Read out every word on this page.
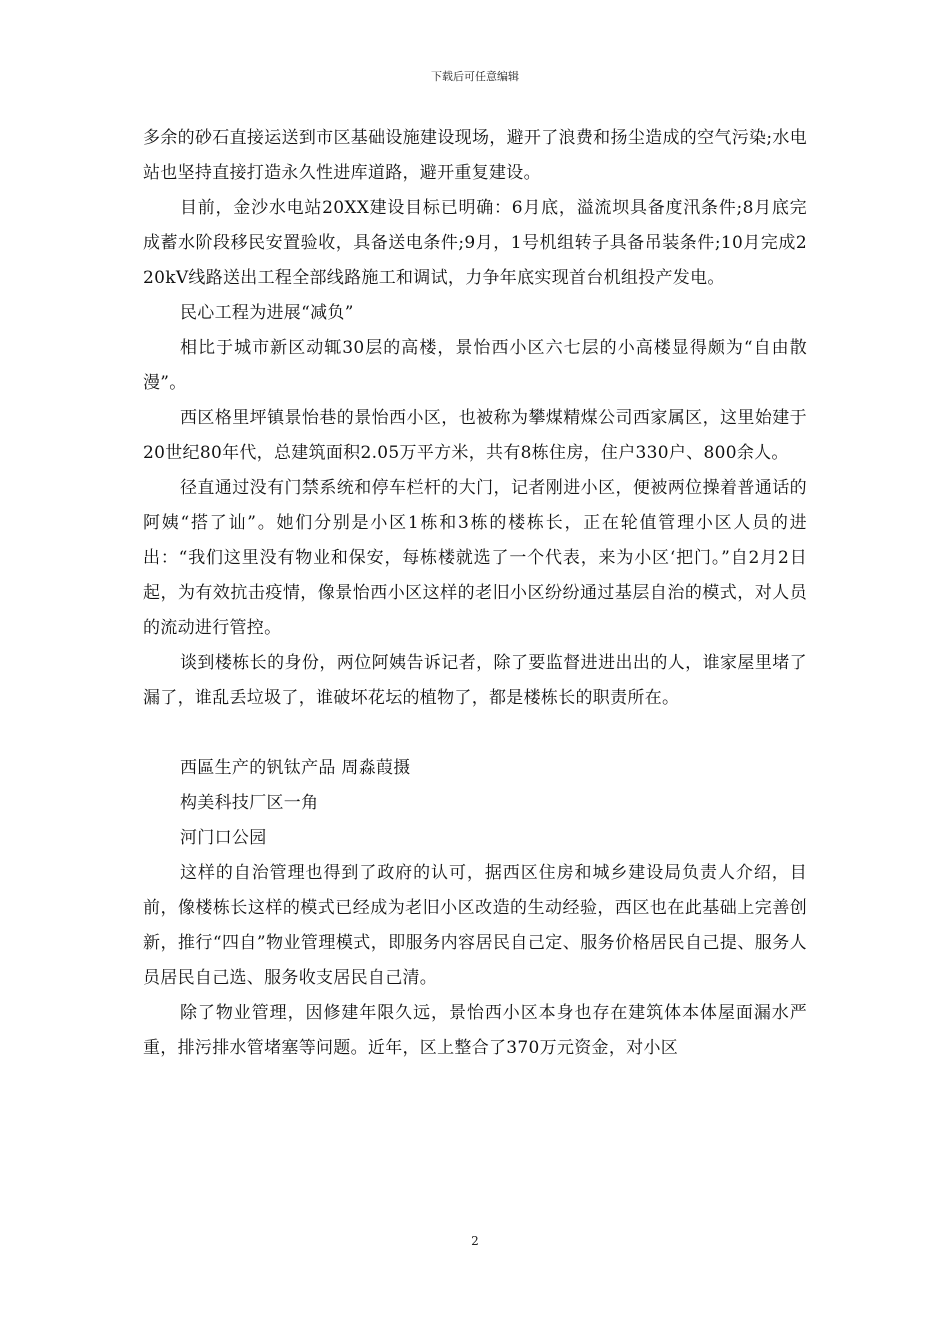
下载后可任意编辑

多余的砂石直接运送到市区基础设施建设现场，避开了浪费和扬尘造成的空气污染;水电站也坚持直接打造永久性进库道路，避开重复建设。

目前，金沙水电站20XX建设目标已明确：6月底，溢流坝具备度汛条件;8月底完成蓄水阶段移民安置验收，具备送电条件;9月，1号机组转子具备吊装条件;10月完成220kV线路送出工程全部线路施工和调试，力争年底实现首台机组投产发电。

民心工程为进展“减负”

相比于城市新区动辄30层的高楼，景怡西小区六七层的小高楼显得颇为“自由散漫”。

西区格里坪镇景怡巷的景怡西小区，也被称为攀煤精煤公司西家属区，这里始建于20世纪80年代，总建筑面积2.05万平方米，共有8栋住房，住户330户、800余人。

径直通过没有门禁系统和停车栏杆的大门，记者刚进小区，便被两位操着普通话的阿姨“搭了讪”。她们分别是小区1栋和3栋的楼栋长，正在轮值管理小区人员的进出：“我们这里没有物业和保安，每栋楼就选了一个代表，来为小区‘把门。”自2月2日起，为有效抗击疫情，像景怡西小区这样的老旧小区纷纷通过基层自治的模式，对人员的流动进行管控。

谈到楼栋长的身份，两位阿姨告诉记者，除了要监督进进出出的人，谁家屋里堵了漏了，谁乱丢垃圾了，谁破坏花坛的植物了，都是楼栋长的职责所在。

西區生产的钒钛产品 周淼葭摄

构美科技厂区一角

河门口公园

这样的自治管理也得到了政府的认可，据西区住房和城乡建设局负责人介绍，目前，像楼栋长这样的模式已经成为老旧小区改造的生动经验，西区也在此基础上完善创新，推行“四自”物业管理模式，即服务内容居民自己定、服务价格居民自己提、服务人员居民自己选、服务收支居民自己清。

除了物业管理，因修建年限久远，景怡西小区本身也存在建筑体本体屋面漏水严重，排污排水管堵塞等问题。近年，区上整合了370万元资金，对小区

2
